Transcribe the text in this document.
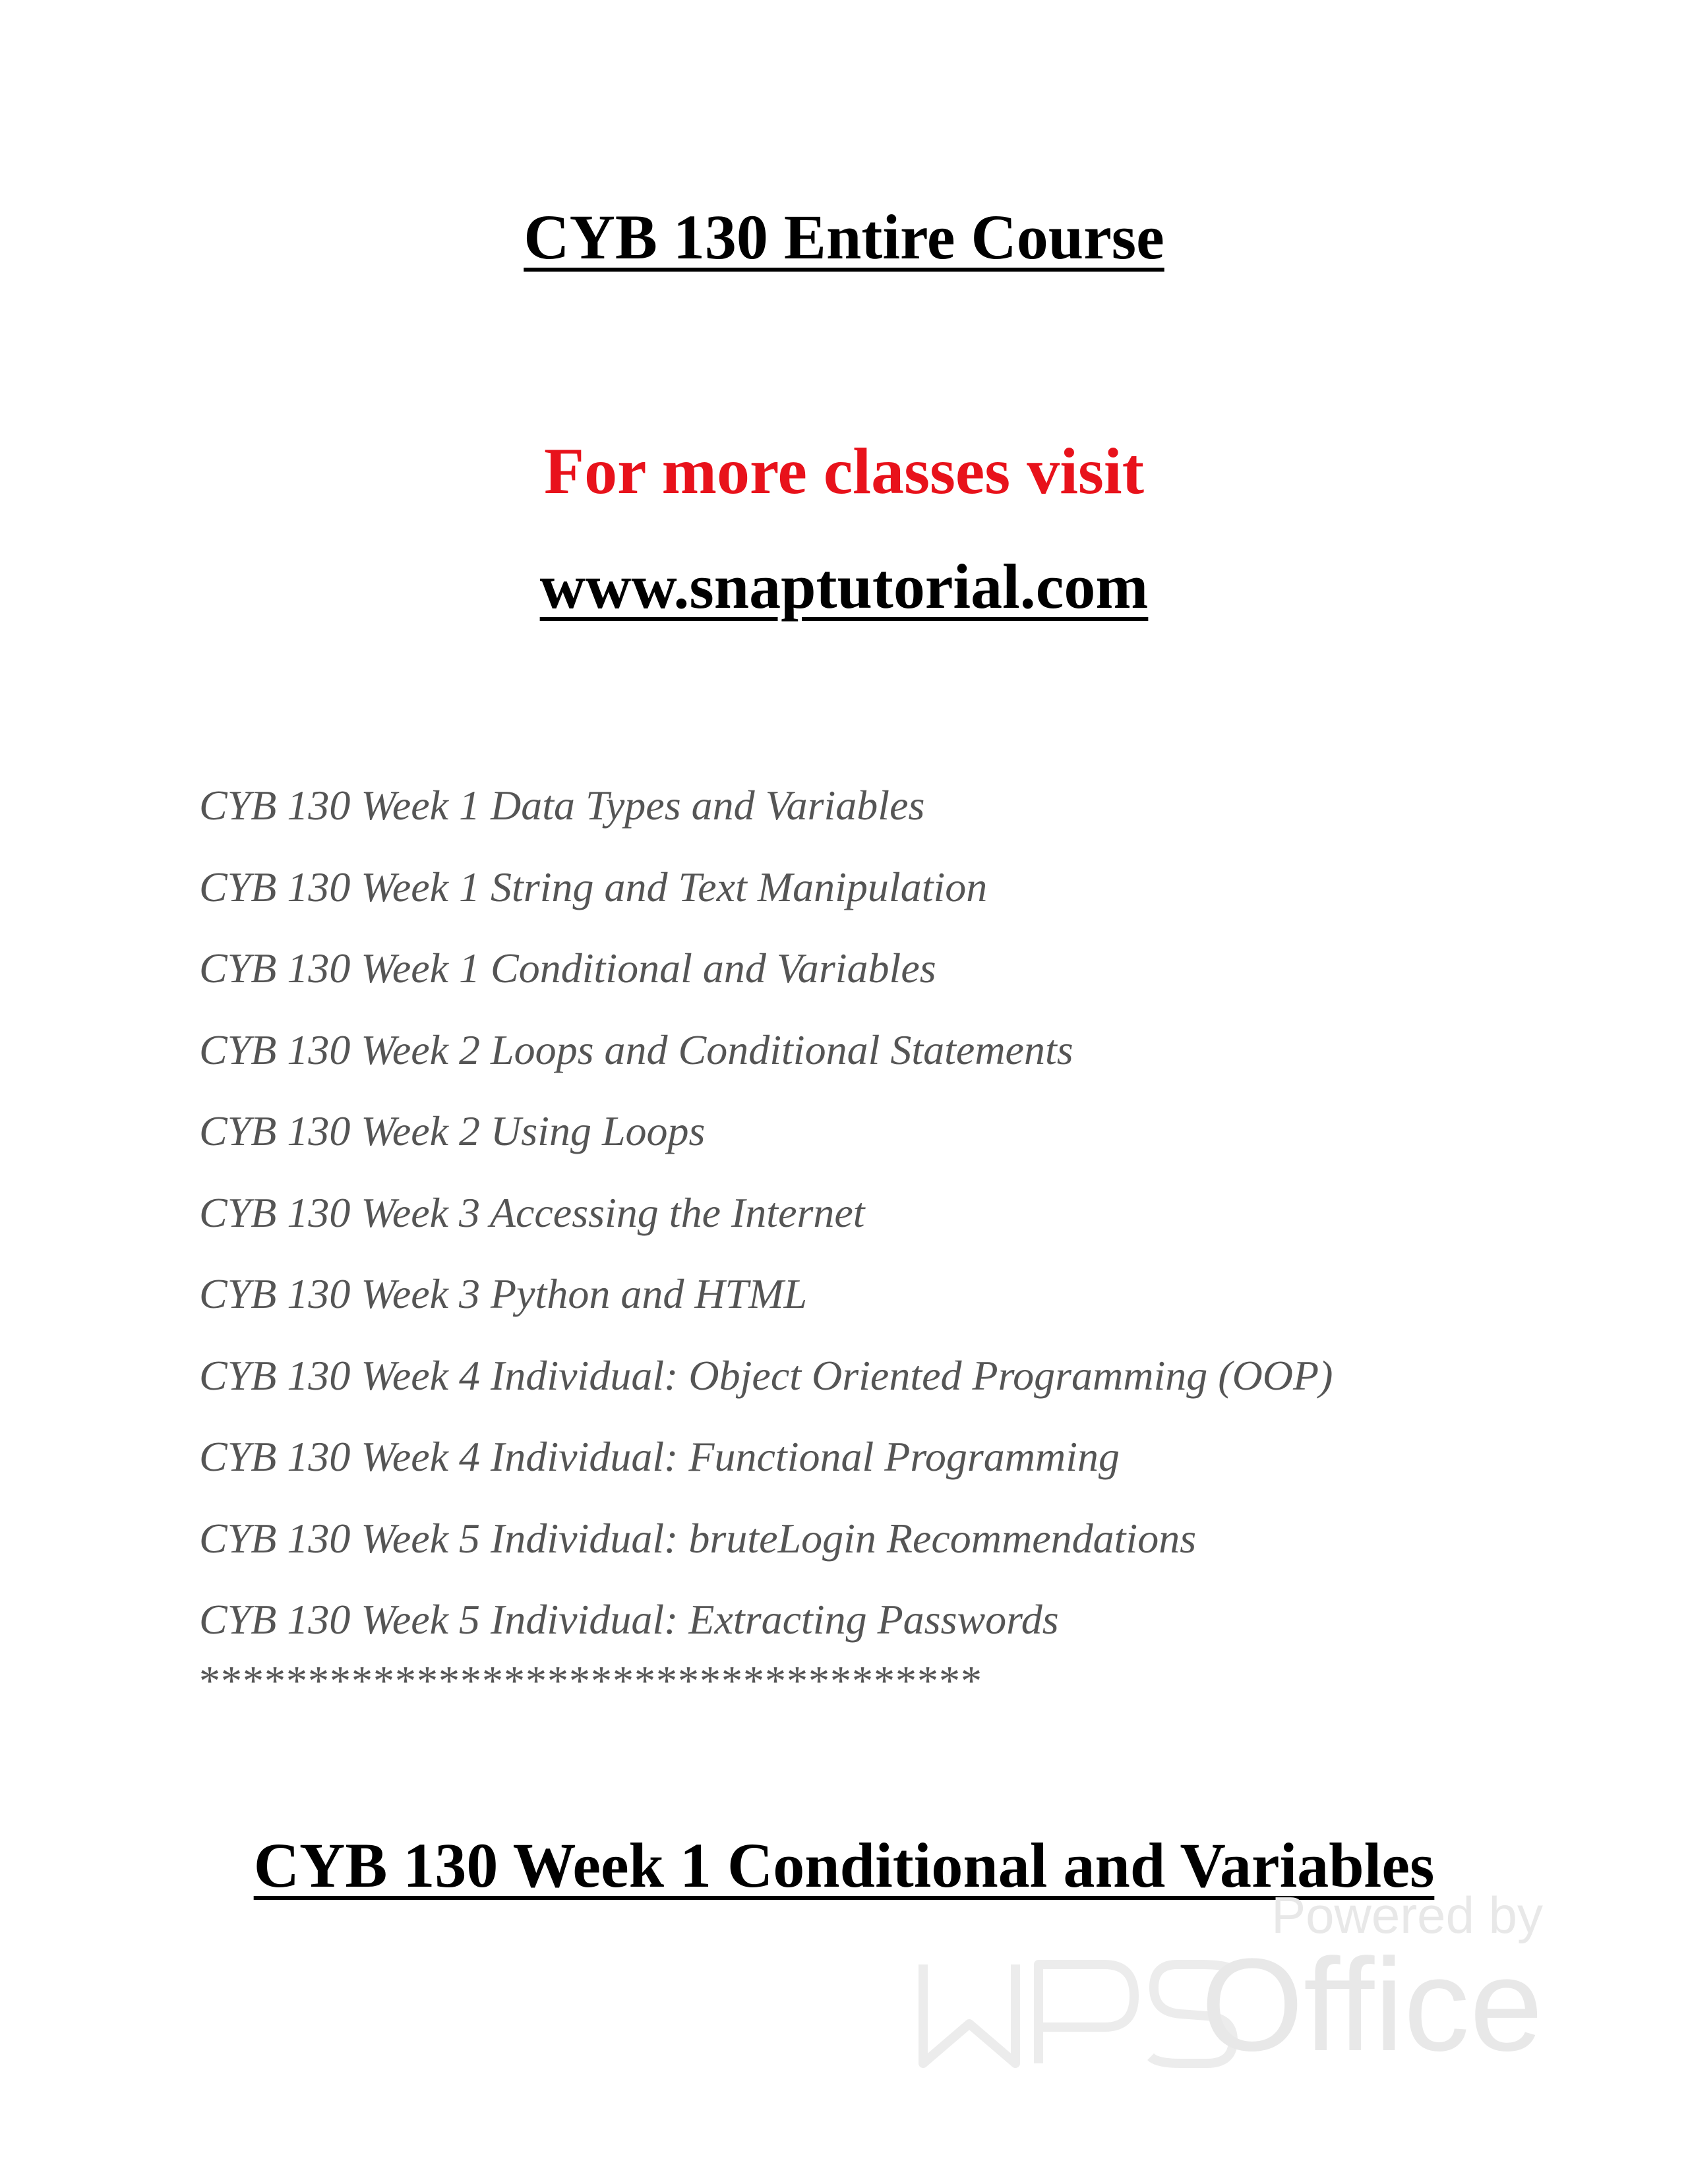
CYB 130 Entire Course

For more classes visit

www.snaptutorial.com
CYB 130 Week 1 Data Types and Variables
CYB 130 Week 1 String and Text Manipulation
CYB 130 Week 1 Conditional and Variables
CYB 130 Week 2 Loops and Conditional Statements
CYB 130 Week 2 Using Loops
CYB 130 Week 3 Accessing the Internet
CYB 130 Week 3 Python and HTML
CYB 130 Week 4 Individual: Object Oriented Programming (OOP)
CYB 130 Week 4 Individual: Functional Programming
CYB 130 Week 5 Individual: bruteLogin Recommendations
CYB 130 Week 5 Individual: Extracting Passwords
************************************
CYB 130 Week 1 Conditional and Variables
Powered by
Office
